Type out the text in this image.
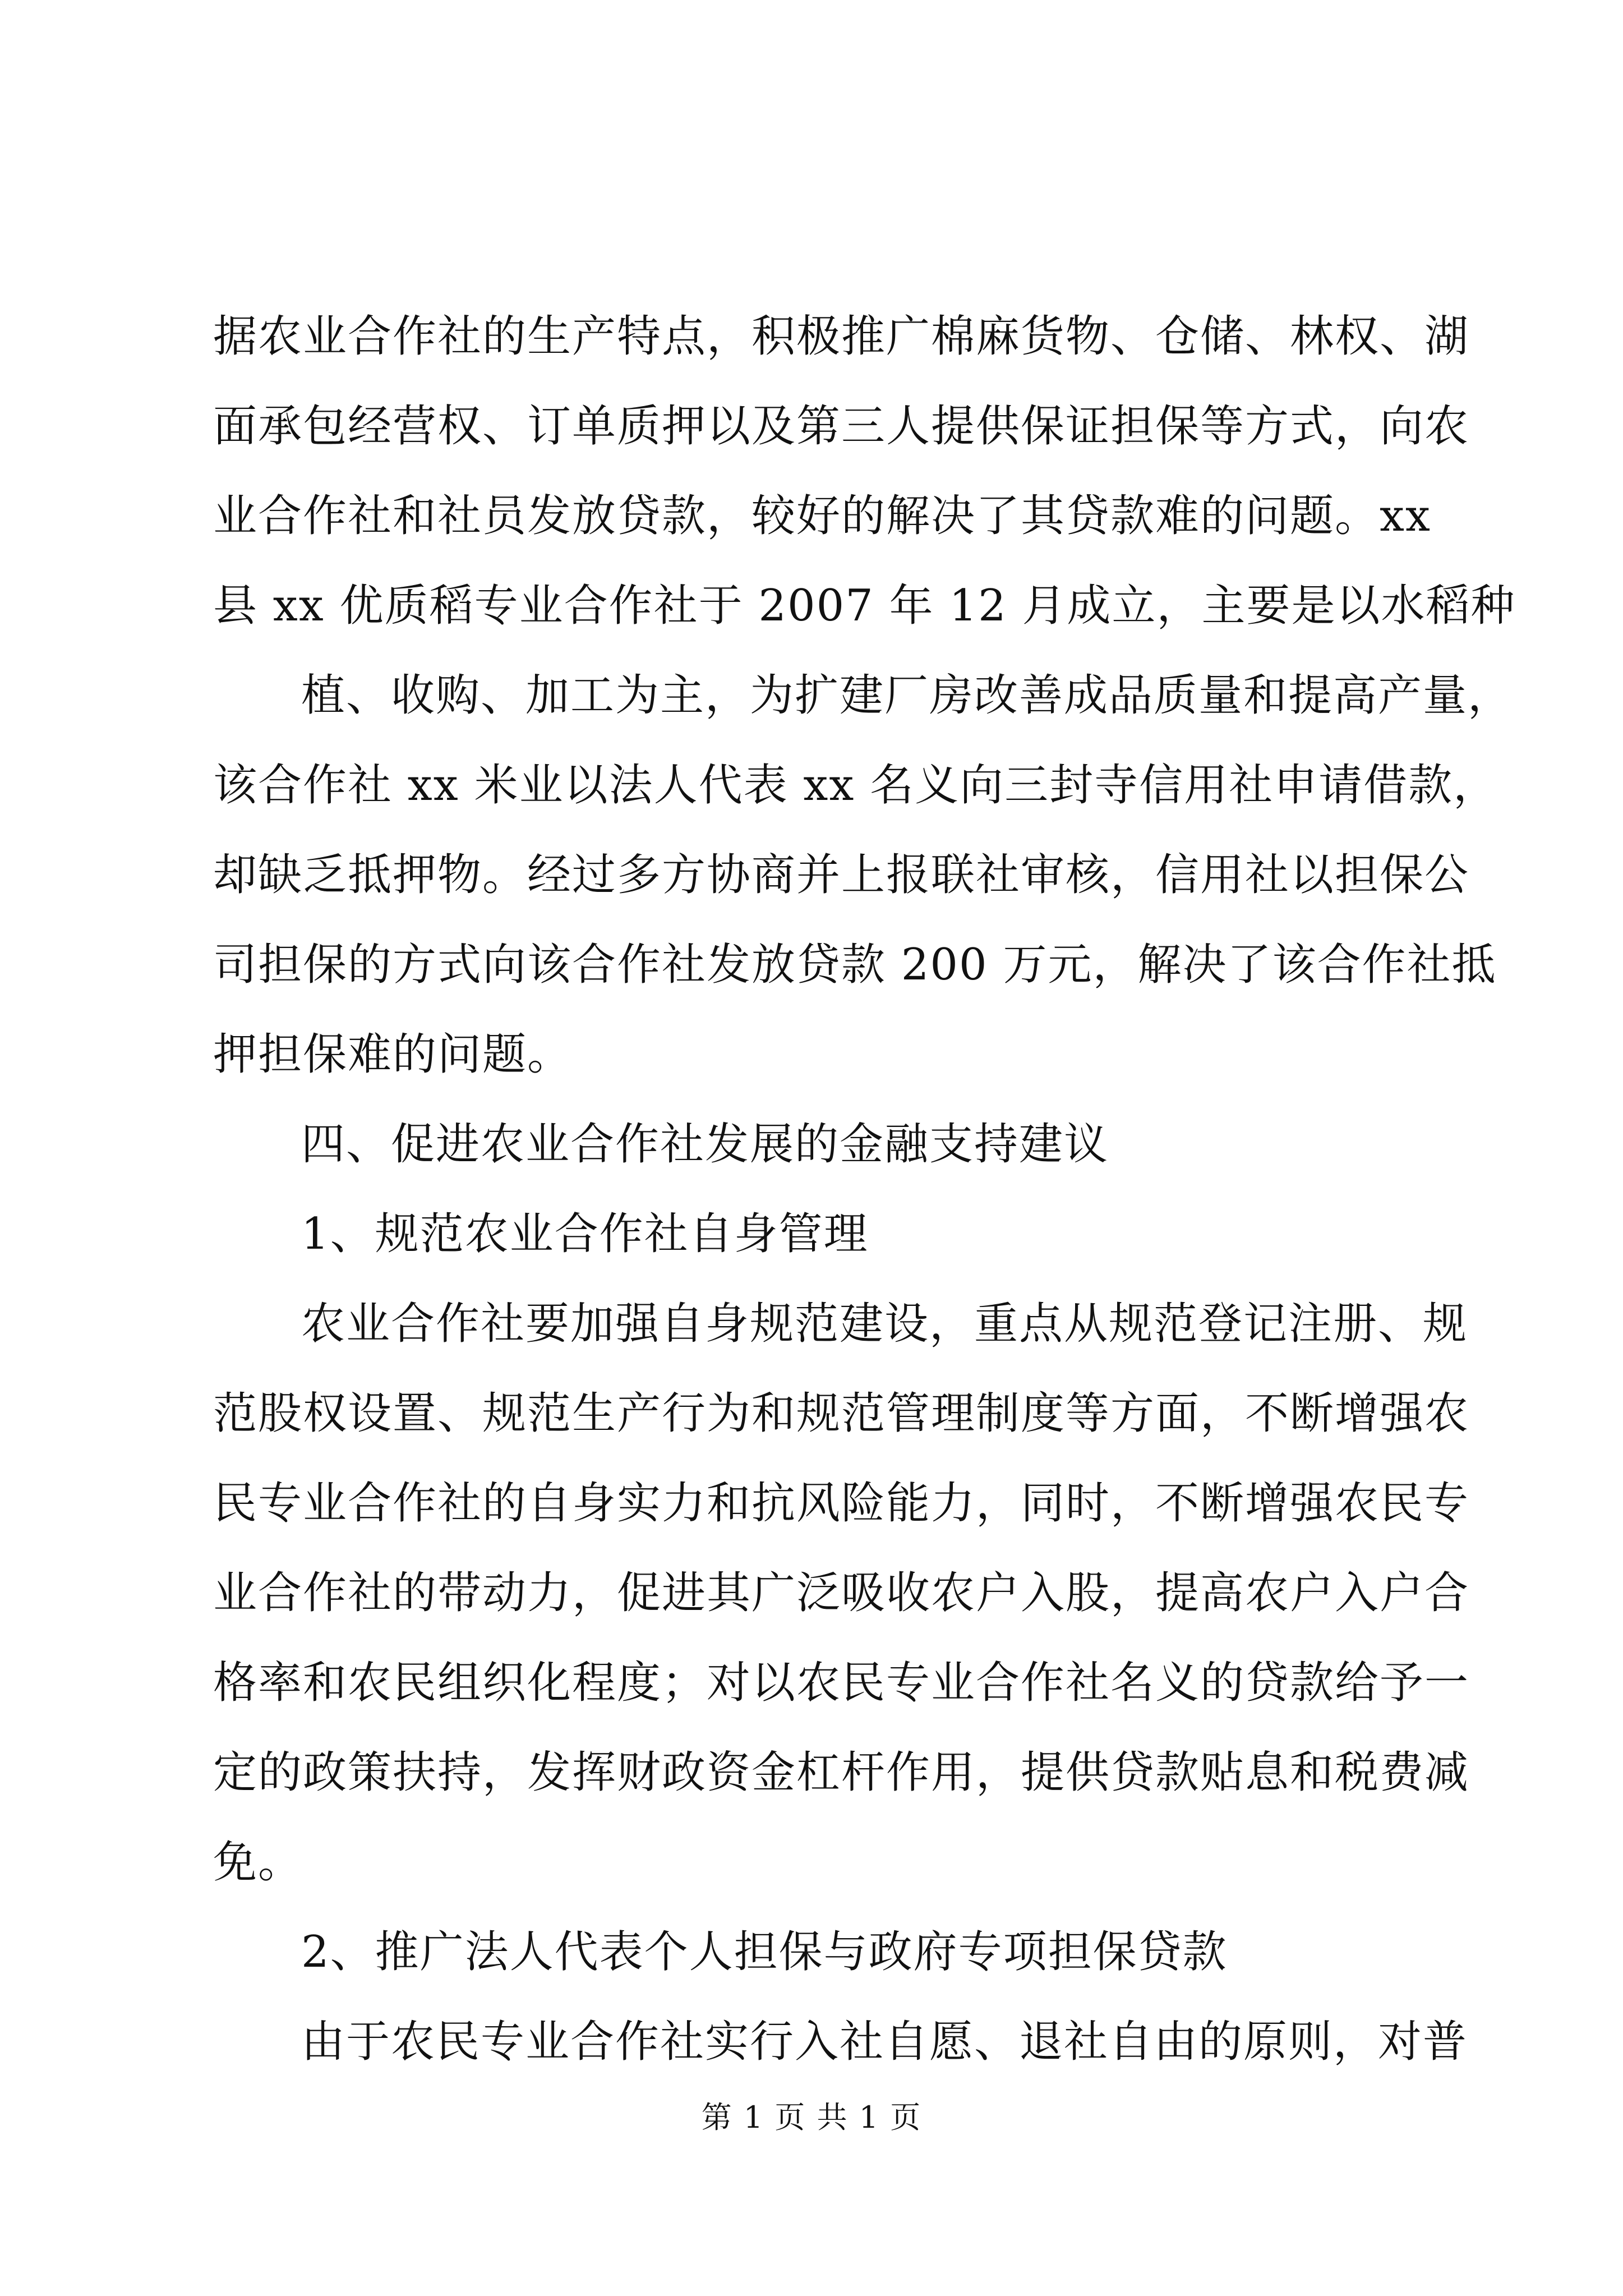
据农业合作社的生产特点，积极推广棉麻货物、仓储、林权、湖
面承包经营权、订单质押以及第三人提供保证担保等方式，向农
业合作社和社员发放贷款，较好的解决了其贷款难的问题。xx
县 xx 优质稻专业合作社于 2007 年 12 月成立，主要是以水稻种
植、收购、加工为主，为扩建厂房改善成品质量和提高产量，
该合作社 xx 米业以法人代表 xx 名义向三封寺信用社申请借款，
却缺乏抵押物。经过多方协商并上报联社审核，信用社以担保公
司担保的方式向该合作社发放贷款 200 万元，解决了该合作社抵
押担保难的问题。
四、促进农业合作社发展的金融支持建议
1、规范农业合作社自身管理
农业合作社要加强自身规范建设，重点从规范登记注册、规
范股权设置、规范生产行为和规范管理制度等方面，不断增强农
民专业合作社的自身实力和抗风险能力，同时，不断增强农民专
业合作社的带动力，促进其广泛吸收农户入股，提高农户入户合
格率和农民组织化程度；对以农民专业合作社名义的贷款给予一
定的政策扶持，发挥财政资金杠杆作用，提供贷款贴息和税费减
免。
2、推广法人代表个人担保与政府专项担保贷款
由于农民专业合作社实行入社自愿、退社自由的原则，对普
第 1 页 共 1 页
